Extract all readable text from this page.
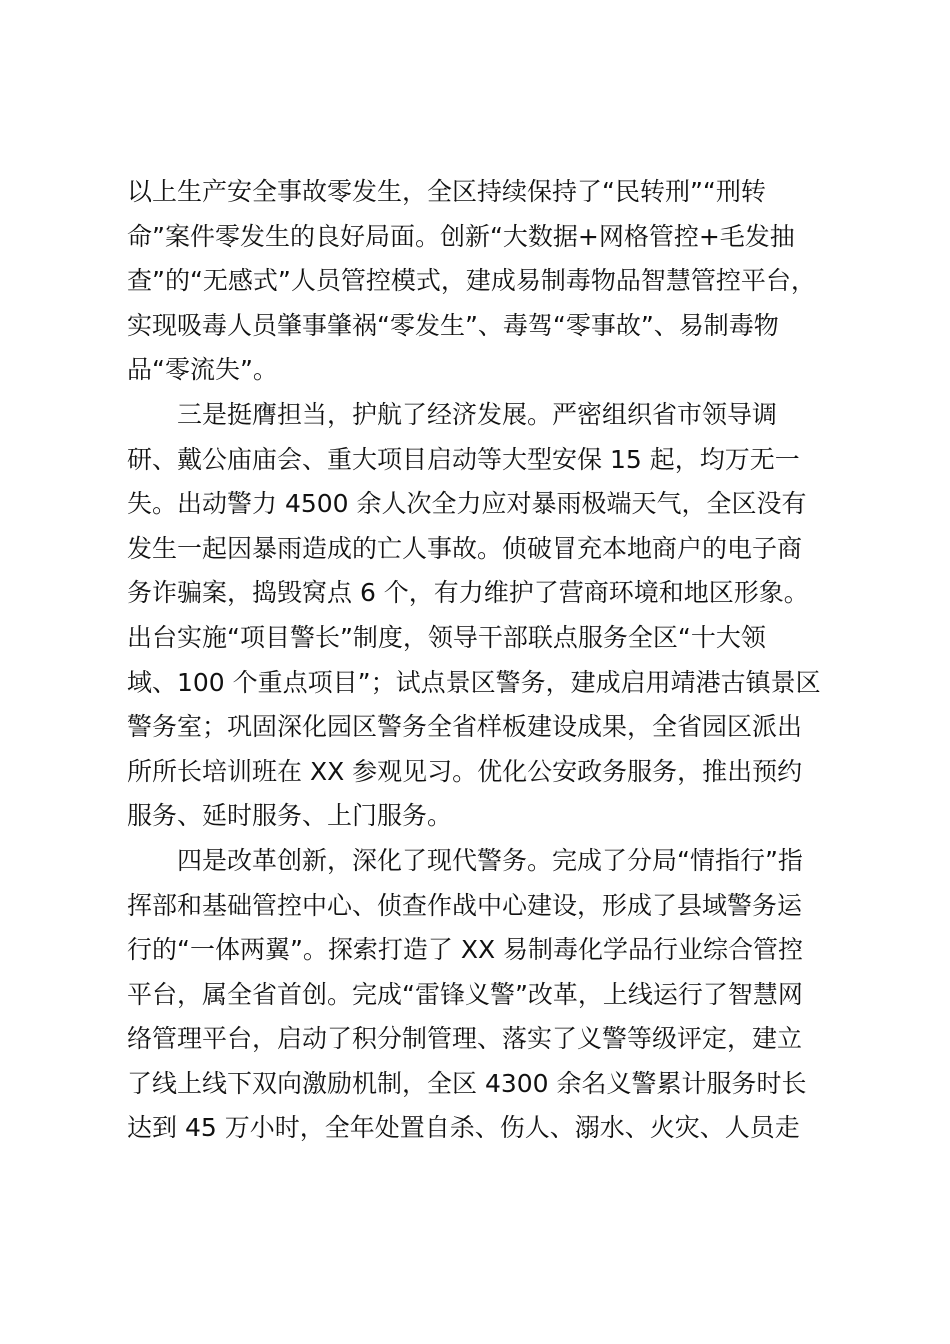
以上生产安全事故零发生，全区持续保持了“民转刑”“刑转
命”案件零发生的良好局面。创新“大数据+网格管控+毛发抽
查”的“无感式”人员管控模式，建成易制毒物品智慧管控平台，
实现吸毒人员肇事肇祸“零发生”、毒驾“零事故”、易制毒物
品“零流失”。
三是挺膺担当，护航了经济发展。严密组织省市领导调
研、戴公庙庙会、重大项目启动等大型安保 15 起，均万无一
失。出动警力 4500 余人次全力应对暴雨极端天气，全区没有
发生一起因暴雨造成的亡人事故。侦破冒充本地商户的电子商
务诈骗案，捣毁窝点 6 个，有力维护了营商环境和地区形象。
出台实施“项目警长”制度，领导干部联点服务全区“十大领
域、100 个重点项目”；试点景区警务，建成启用靖港古镇景区
警务室；巩固深化园区警务全省样板建设成果，全省园区派出
所所长培训班在 XX 参观见习。优化公安政务服务，推出预约
服务、延时服务、上门服务。
四是改革创新，深化了现代警务。完成了分局“情指行”指
挥部和基础管控中心、侦查作战中心建设，形成了县域警务运
行的“一体两翼”。探索打造了 XX 易制毒化学品行业综合管控
平台，属全省首创。完成“雷锋义警”改革，上线运行了智慧网
络管理平台，启动了积分制管理、落实了义警等级评定，建立
了线上线下双向激励机制，全区 4300 余名义警累计服务时长
达到 45 万小时，全年处置自杀、伤人、溺水、火灾、人员走
